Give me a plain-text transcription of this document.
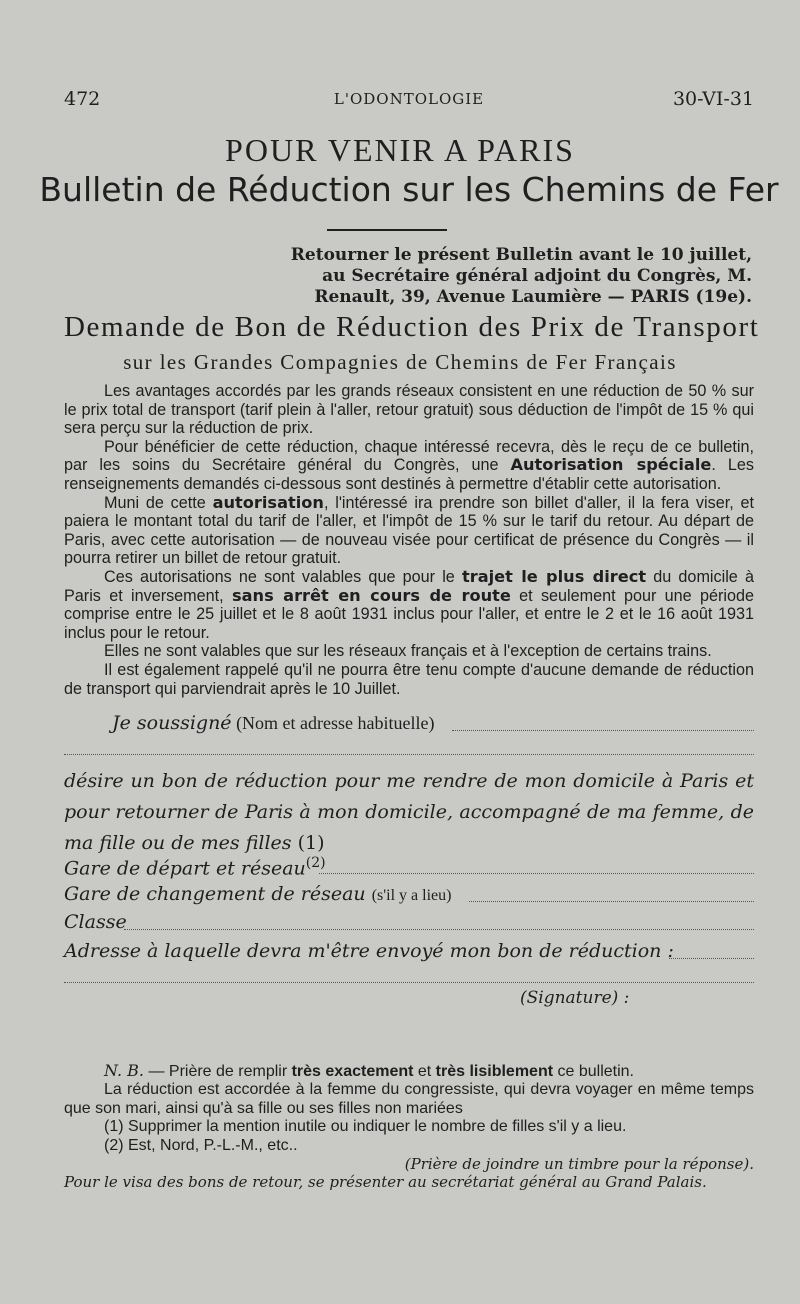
472	L'ODONTOLOGIE	30-VI-31
POUR VENIR A PARIS
Bulletin de Réduction sur les Chemins de Fer
Retourner le présent Bulletin avant le 10 juillet,
au Secrétaire général adjoint du Congrès, M.
Renault, 39, Avenue Laumière — PARIS (19e).
Demande de Bon de Réduction des Prix de Transport
sur les Grandes Compagnies de Chemins de Fer Français

Les avantages accordés par les grands réseaux consistent en une réduction de 50 % sur le prix total de transport (tarif plein à l'aller, retour gratuit) sous déduction de l'impôt de 15 % qui sera perçu sur la réduction de prix.

Pour bénéficier de cette réduction, chaque intéressé recevra, dès le reçu de ce bulletin, par les soins du Secrétaire général du Congrès, une Autorisation spéciale. Les renseignements demandés ci-dessous sont destinés à permettre d'établir cette autorisation.

Muni de cette autorisation, l'intéressé ira prendre son billet d'aller, il la fera viser, et paiera le montant total du tarif de l'aller, et l'impôt de 15 % sur le tarif du retour. Au départ de Paris, avec cette autorisation — de nouveau visée pour certificat de présence du Congrès — il pourra retirer un billet de retour gratuit.

Ces autorisations ne sont valables que pour le trajet le plus direct du domicile à Paris et inversement, sans arrêt en cours de route et seulement pour une période comprise entre le 25 juillet et le 8 août 1931 inclus pour l'aller, et entre le 2 et le 16 août 1931 inclus pour le retour.

Elles ne sont valables que sur les réseaux français et à l'exception de certains trains.

Il est également rappelé qu'il ne pourra être tenu compte d'aucune demande de réduction de transport qui parviendrait après le 10 Juillet.

Je soussigné (Nom et adresse habituelle)
désire un bon de réduction pour me rendre de mon domicile à Paris et pour retourner de Paris à mon domicile, accompagné de ma femme, de ma fille ou de mes filles (1)
Gare de départ et réseau$^{(2)}$
Gare de changement de réseau (s'il y a lieu)
Classe
Adresse à laquelle devra m'être envoyé mon bon de réduction :
(Signature) :

N. B. — Prière de remplir très exactement et très lisiblement ce bulletin.

La réduction est accordée à la femme du congressiste, qui devra voyager en même temps que son mari, ainsi qu'à sa fille ou ses filles non mariées

(1) Supprimer la mention inutile ou indiquer le nombre de filles s'il y a lieu.

(2) Est, Nord, P.-L.-M., etc..

(Prière de joindre un timbre pour la réponse).

Pour le visa des bons de retour, se présenter au secrétariat général au Grand Palais.
